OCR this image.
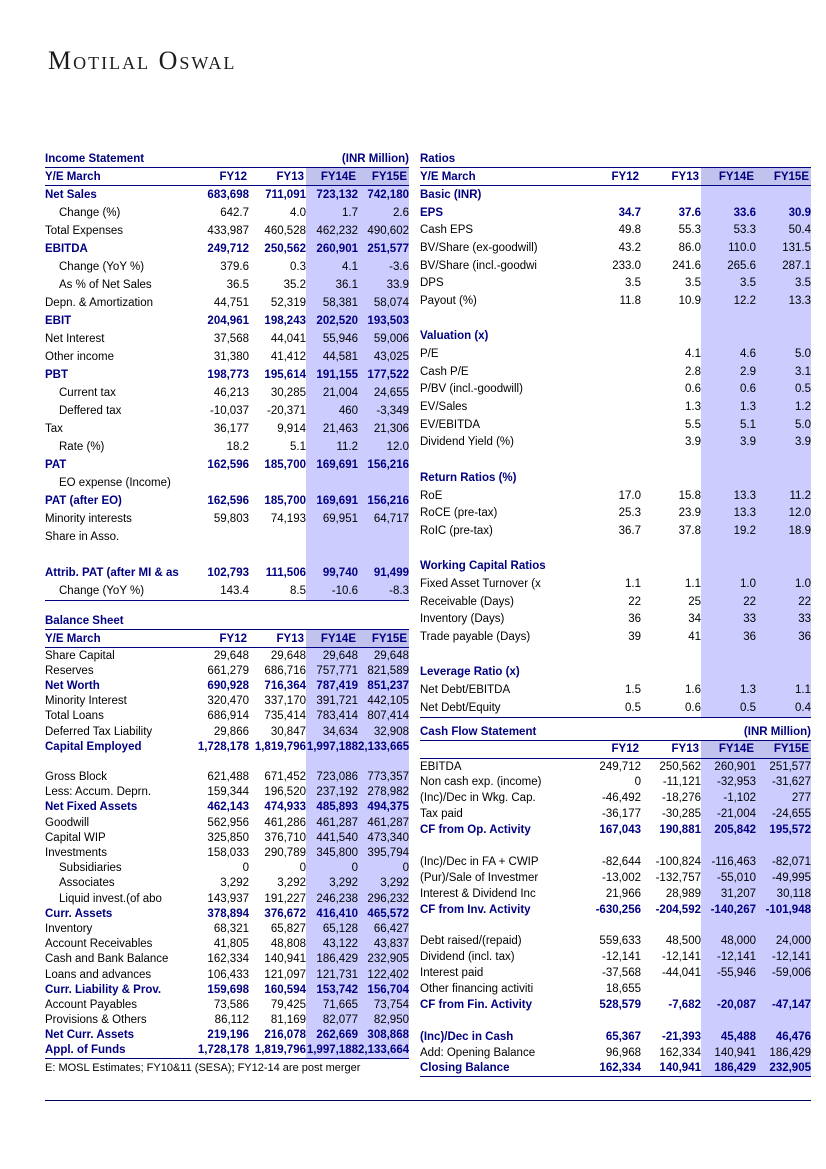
Motilal Oswal
Income Statement	(INR Million)
Y/E March	FY12	FY13	FY14E	FY15E
Net Sales	683,698	711,091	723,132	742,180
Change (%)	642.7	4.0	1.7	2.6
Total Expenses	433,987	460,528	462,232	490,602
EBITDA	249,712	250,562	260,901	251,577
Change (YoY %)	379.6	0.3	4.1	-3.6
As % of Net Sales	36.5	35.2	36.1	33.9
Depn. & Amortization	44,751	52,319	58,381	58,074
EBIT	204,961	198,243	202,520	193,503
Net Interest	37,568	44,041	55,946	59,006
Other income	31,380	41,412	44,581	43,025
PBT	198,773	195,614	191,155	177,522
Current tax	46,213	30,285	21,004	24,655
Deffered tax	-10,037	-20,371	460	-3,349
Tax	36,177	9,914	21,463	21,306
Rate (%)	18.2	5.1	11.2	12.0
PAT	162,596	185,700	169,691	156,216
EO expense (Income)				
PAT (after EO)	162,596	185,700	169,691	156,216
Minority interests	59,803	74,193	69,951	64,717
Share in Asso.				

Attrib. PAT (after MI & as	102,793	111,506	99,740	91,499
Change (YoY %)	143.4	8.5	-10.6	-8.3
Balance Sheet
Y/E March	FY12	FY13	FY14E	FY15E
Share Capital	29,648	29,648	29,648	29,648
Reserves	661,279	686,716	757,771	821,589
Net Worth	690,928	716,364	787,419	851,237
Minority Interest	320,470	337,170	391,721	442,105
Total Loans	686,914	735,414	783,414	807,414
Deferred Tax Liability	29,866	30,847	34,634	32,908
Capital Employed	1,728,178	1,819,796	1,997,188	2,133,665

Gross Block	621,488	671,452	723,086	773,357
Less: Accum. Deprn.	159,344	196,520	237,192	278,982
Net Fixed Assets	462,143	474,933	485,893	494,375
Goodwill	562,956	461,286	461,287	461,287
Capital WIP	325,850	376,710	441,540	473,340
Investments	158,033	290,789	345,800	395,794
Subsidiaries	0	0	0	0
Associates	3,292	3,292	3,292	3,292
Liquid invest.(of abo	143,937	191,227	246,238	296,232
Curr. Assets	378,894	376,672	416,410	465,572
Inventory	68,321	65,827	65,128	66,427
Account Receivables	41,805	48,808	43,122	43,837
Cash and Bank Balance	162,334	140,941	186,429	232,905
Loans and advances	106,433	121,097	121,731	122,402
Curr. Liability & Prov.	159,698	160,594	153,742	156,704
Account Payables	73,586	79,425	71,665	73,754
Provisions & Others	86,112	81,169	82,077	82,950
Net Curr. Assets	219,196	216,078	262,669	308,868
Appl. of Funds	1,728,178	1,819,796	1,997,188	2,133,664
E: MOSL Estimates; FY10&11 (SESA); FY12-14 are post merger
Ratios
Y/E March	FY12	FY13	FY14E	FY15E
Basic (INR)				
EPS	34.7	37.6	33.6	30.9
Cash EPS	49.8	55.3	53.3	50.4
BV/Share (ex-goodwill)	43.2	86.0	110.0	131.5
BV/Share (incl.-goodwi	233.0	241.6	265.6	287.1
DPS	3.5	3.5	3.5	3.5
Payout (%)	11.8	10.9	12.2	13.3

Valuation (x)				
P/E		4.1	4.6	5.0
Cash P/E		2.8	2.9	3.1
P/BV (incl.-goodwill)		0.6	0.6	0.5
EV/Sales		1.3	1.3	1.2
EV/EBITDA		5.5	5.1	5.0
Dividend Yield (%)		3.9	3.9	3.9

Return Ratios (%)				
RoE	17.0	15.8	13.3	11.2
RoCE (pre-tax)	25.3	23.9	13.3	12.0
RoIC (pre-tax)	36.7	37.8	19.2	18.9

Working Capital Ratios				
Fixed Asset Turnover (x	1.1	1.1	1.0	1.0
Receivable (Days)	22	25	22	22
Inventory (Days)	36	34	33	33
Trade payable (Days)	39	41	36	36

Leverage Ratio (x)				
Net Debt/EBITDA	1.5	1.6	1.3	1.1
Net Debt/Equity	0.5	0.6	0.5	0.4
Cash Flow Statement	(INR Million)
	FY12	FY13	FY14E	FY15E
EBITDA	249,712	250,562	260,901	251,577
Non cash exp. (income)	0	-11,121	-32,953	-31,627
(Inc)/Dec in Wkg. Cap.	-46,492	-18,276	-1,102	277
Tax paid	-36,177	-30,285	-21,004	-24,655
CF from Op. Activity	167,043	190,881	205,842	195,572

(Inc)/Dec in FA + CWIP	-82,644	-100,824	-116,463	-82,071
(Pur)/Sale of Investmer	-13,002	-132,757	-55,010	-49,995
Interest & Dividend Inc	21,966	28,989	31,207	30,118
CF from Inv. Activity	-630,256	-204,592	-140,267	-101,948

Debt raised/(repaid)	559,633	48,500	48,000	24,000
Dividend (incl. tax)	-12,141	-12,141	-12,141	-12,141
Interest paid	-37,568	-44,041	-55,946	-59,006
Other financing activiti	18,655			
CF from Fin. Activity	528,579	-7,682	-20,087	-47,147

(Inc)/Dec in Cash	65,367	-21,393	45,488	46,476
Add: Opening Balance	96,968	162,334	140,941	186,429
Closing Balance	162,334	140,941	186,429	232,905
